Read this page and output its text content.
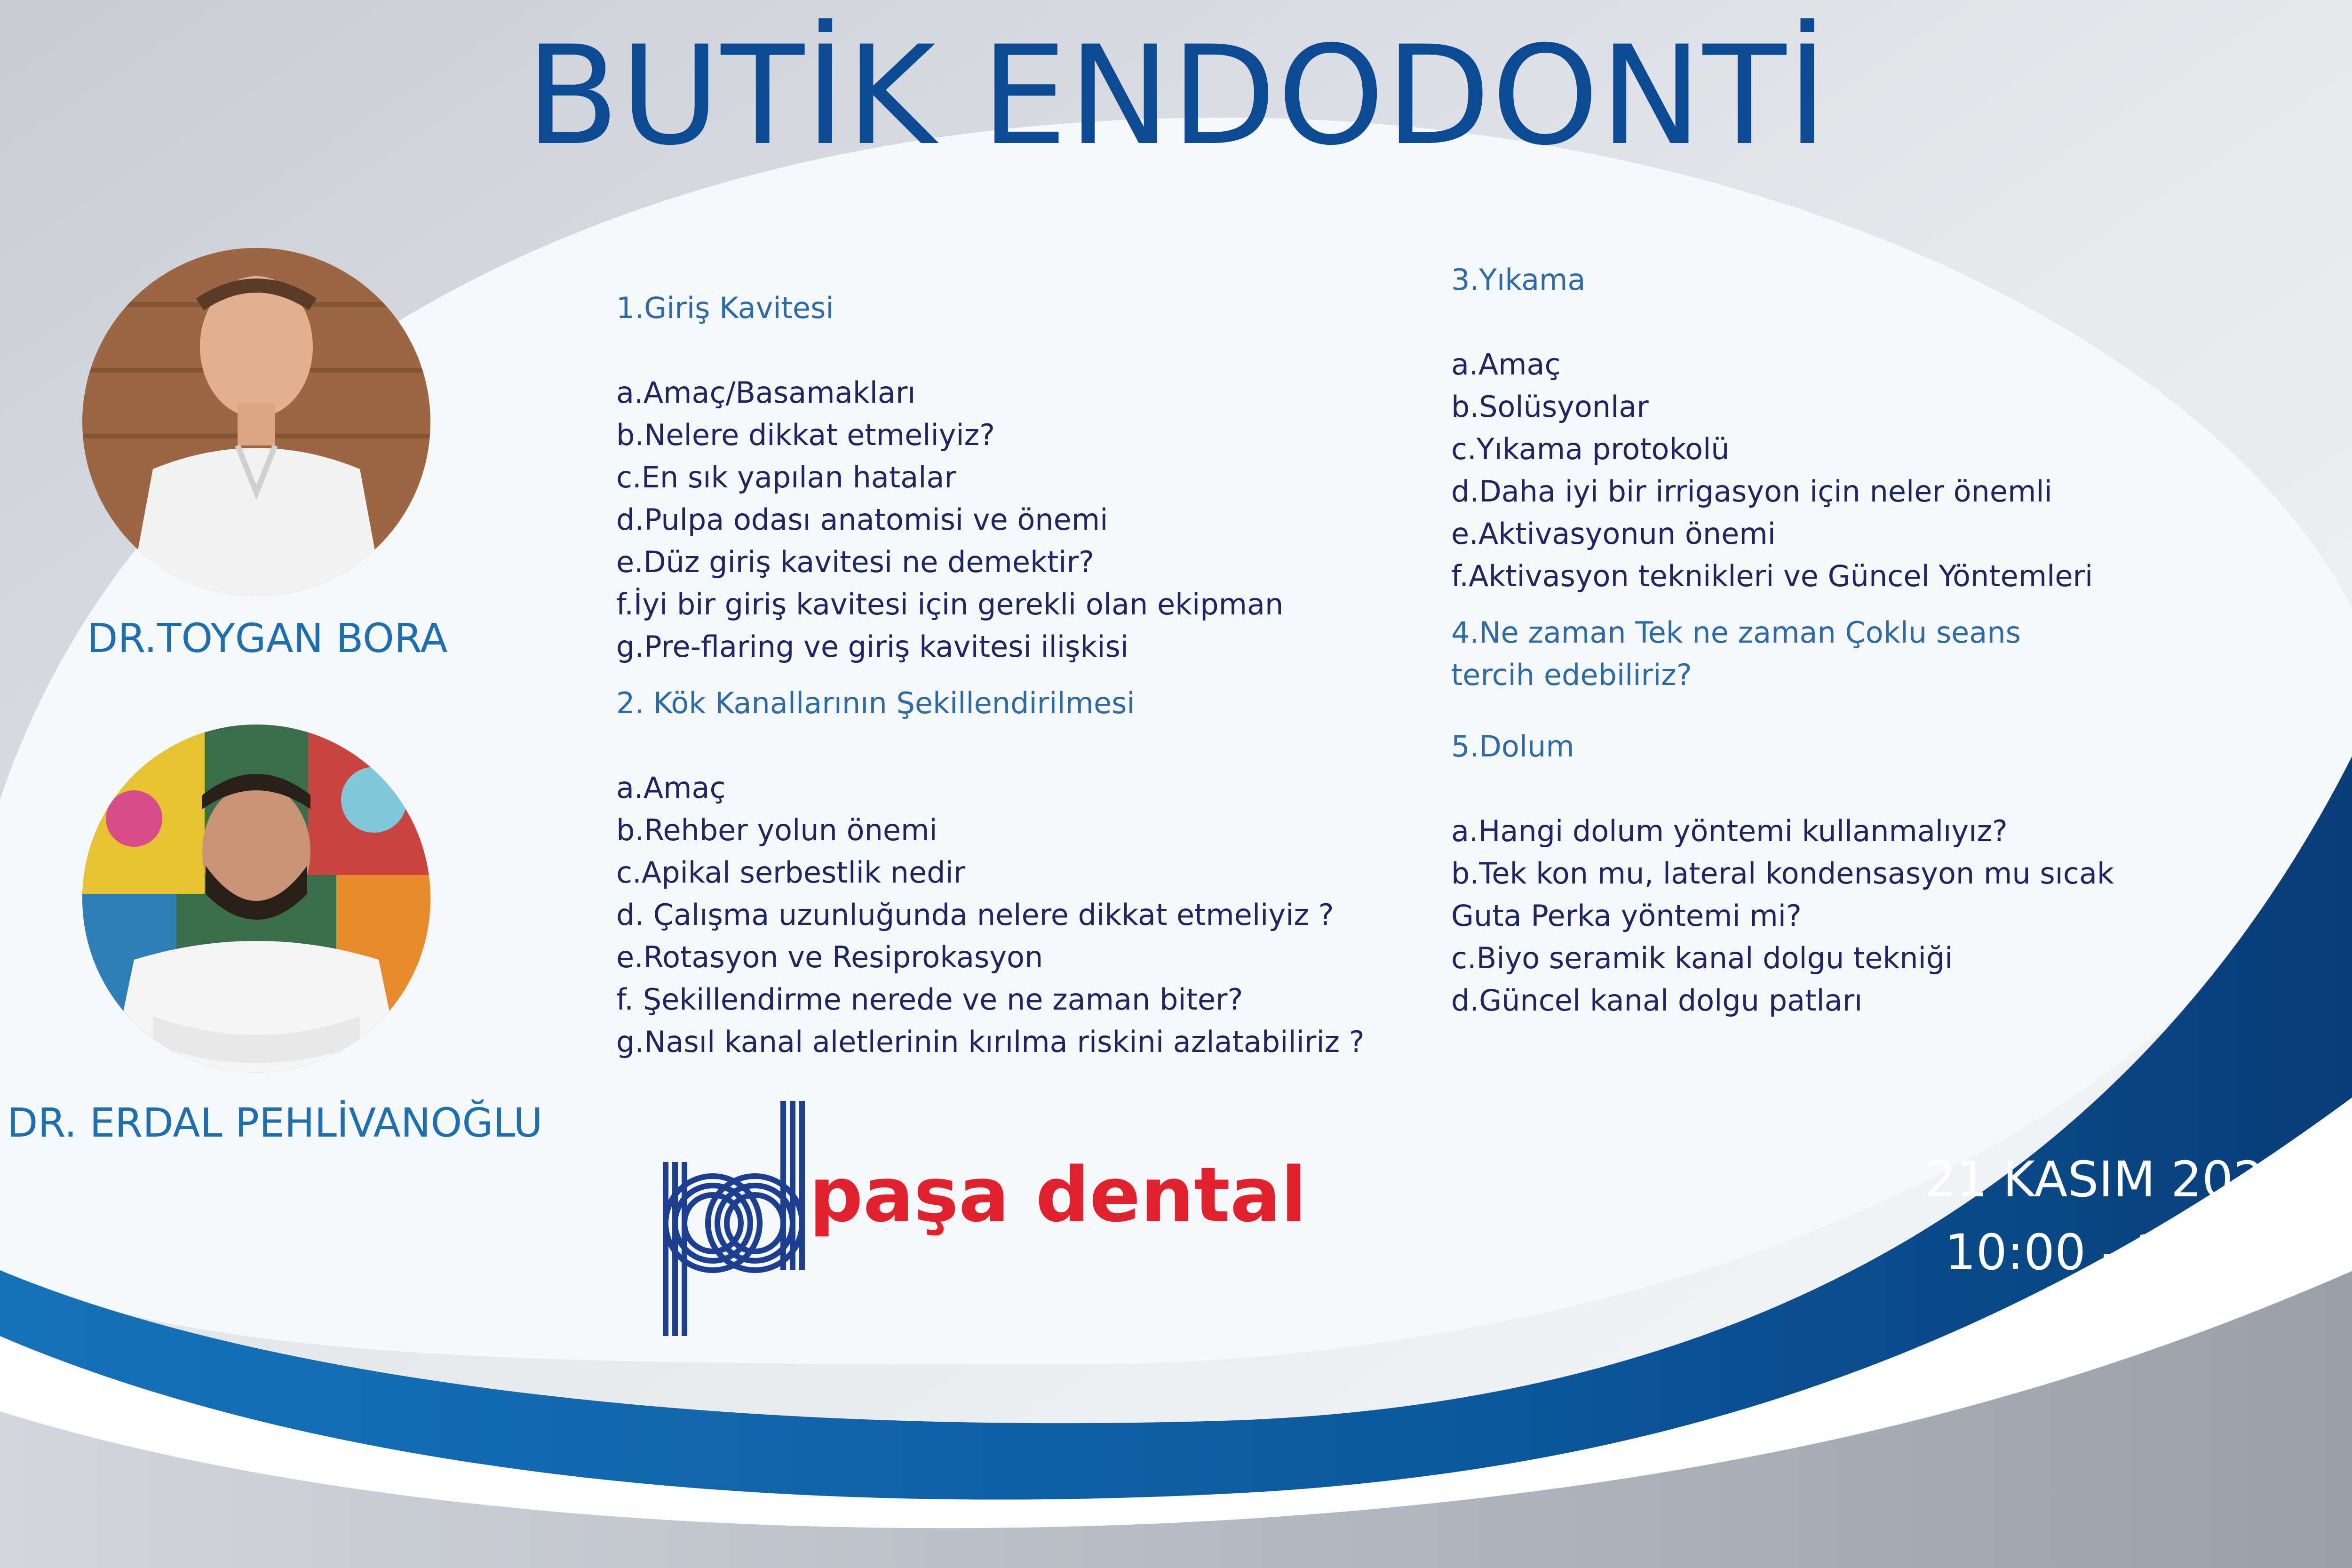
BUTİK ENDODONTİ
DR.TOYGAN BORA
DR. ERDAL PEHLİVANOĞLU
1.Giriş Kavitesi
a.Amaç/Basamakları
b.Nelere dikkat etmeliyiz?
c.En sık yapılan hatalar
d.Pulpa odası anatomisi ve önemi
e.Düz giriş kavitesi ne demektir?
f.İyi bir giriş kavitesi için gerekli olan ekipman
g.Pre-flaring ve giriş kavitesi ilişkisi
2. Kök Kanallarının Şekillendirilmesi
a.Amaç
b.Rehber yolun önemi
c.Apikal serbestlik nedir
d. Çalışma uzunluğunda nelere dikkat etmeliyiz ?
e.Rotasyon ve Resiprokasyon
f. Şekillendirme nerede ve ne zaman biter?
g.Nasıl kanal aletlerinin kırılma riskini azlatabiliriz ?
3.Yıkama
a.Amaç
b.Solüsyonlar
c.Yıkama protokolü
d.Daha iyi bir irrigasyon için neler önemli
e.Aktivasyonun önemi
f.Aktivasyon teknikleri ve Güncel Yöntemleri
4.Ne zaman Tek ne zaman Çoklu seans
tercih edebiliriz?
5.Dolum
a.Hangi dolum yöntemi kullanmalıyız?
b.Tek kon mu, lateral kondensasyon mu sıcak
Guta Perka yöntemi mi?
c.Biyo seramik kanal dolgu tekniği
d.Güncel kanal dolgu patları
paşa dental	21 KASIM 2020
10:00 - 16:00
